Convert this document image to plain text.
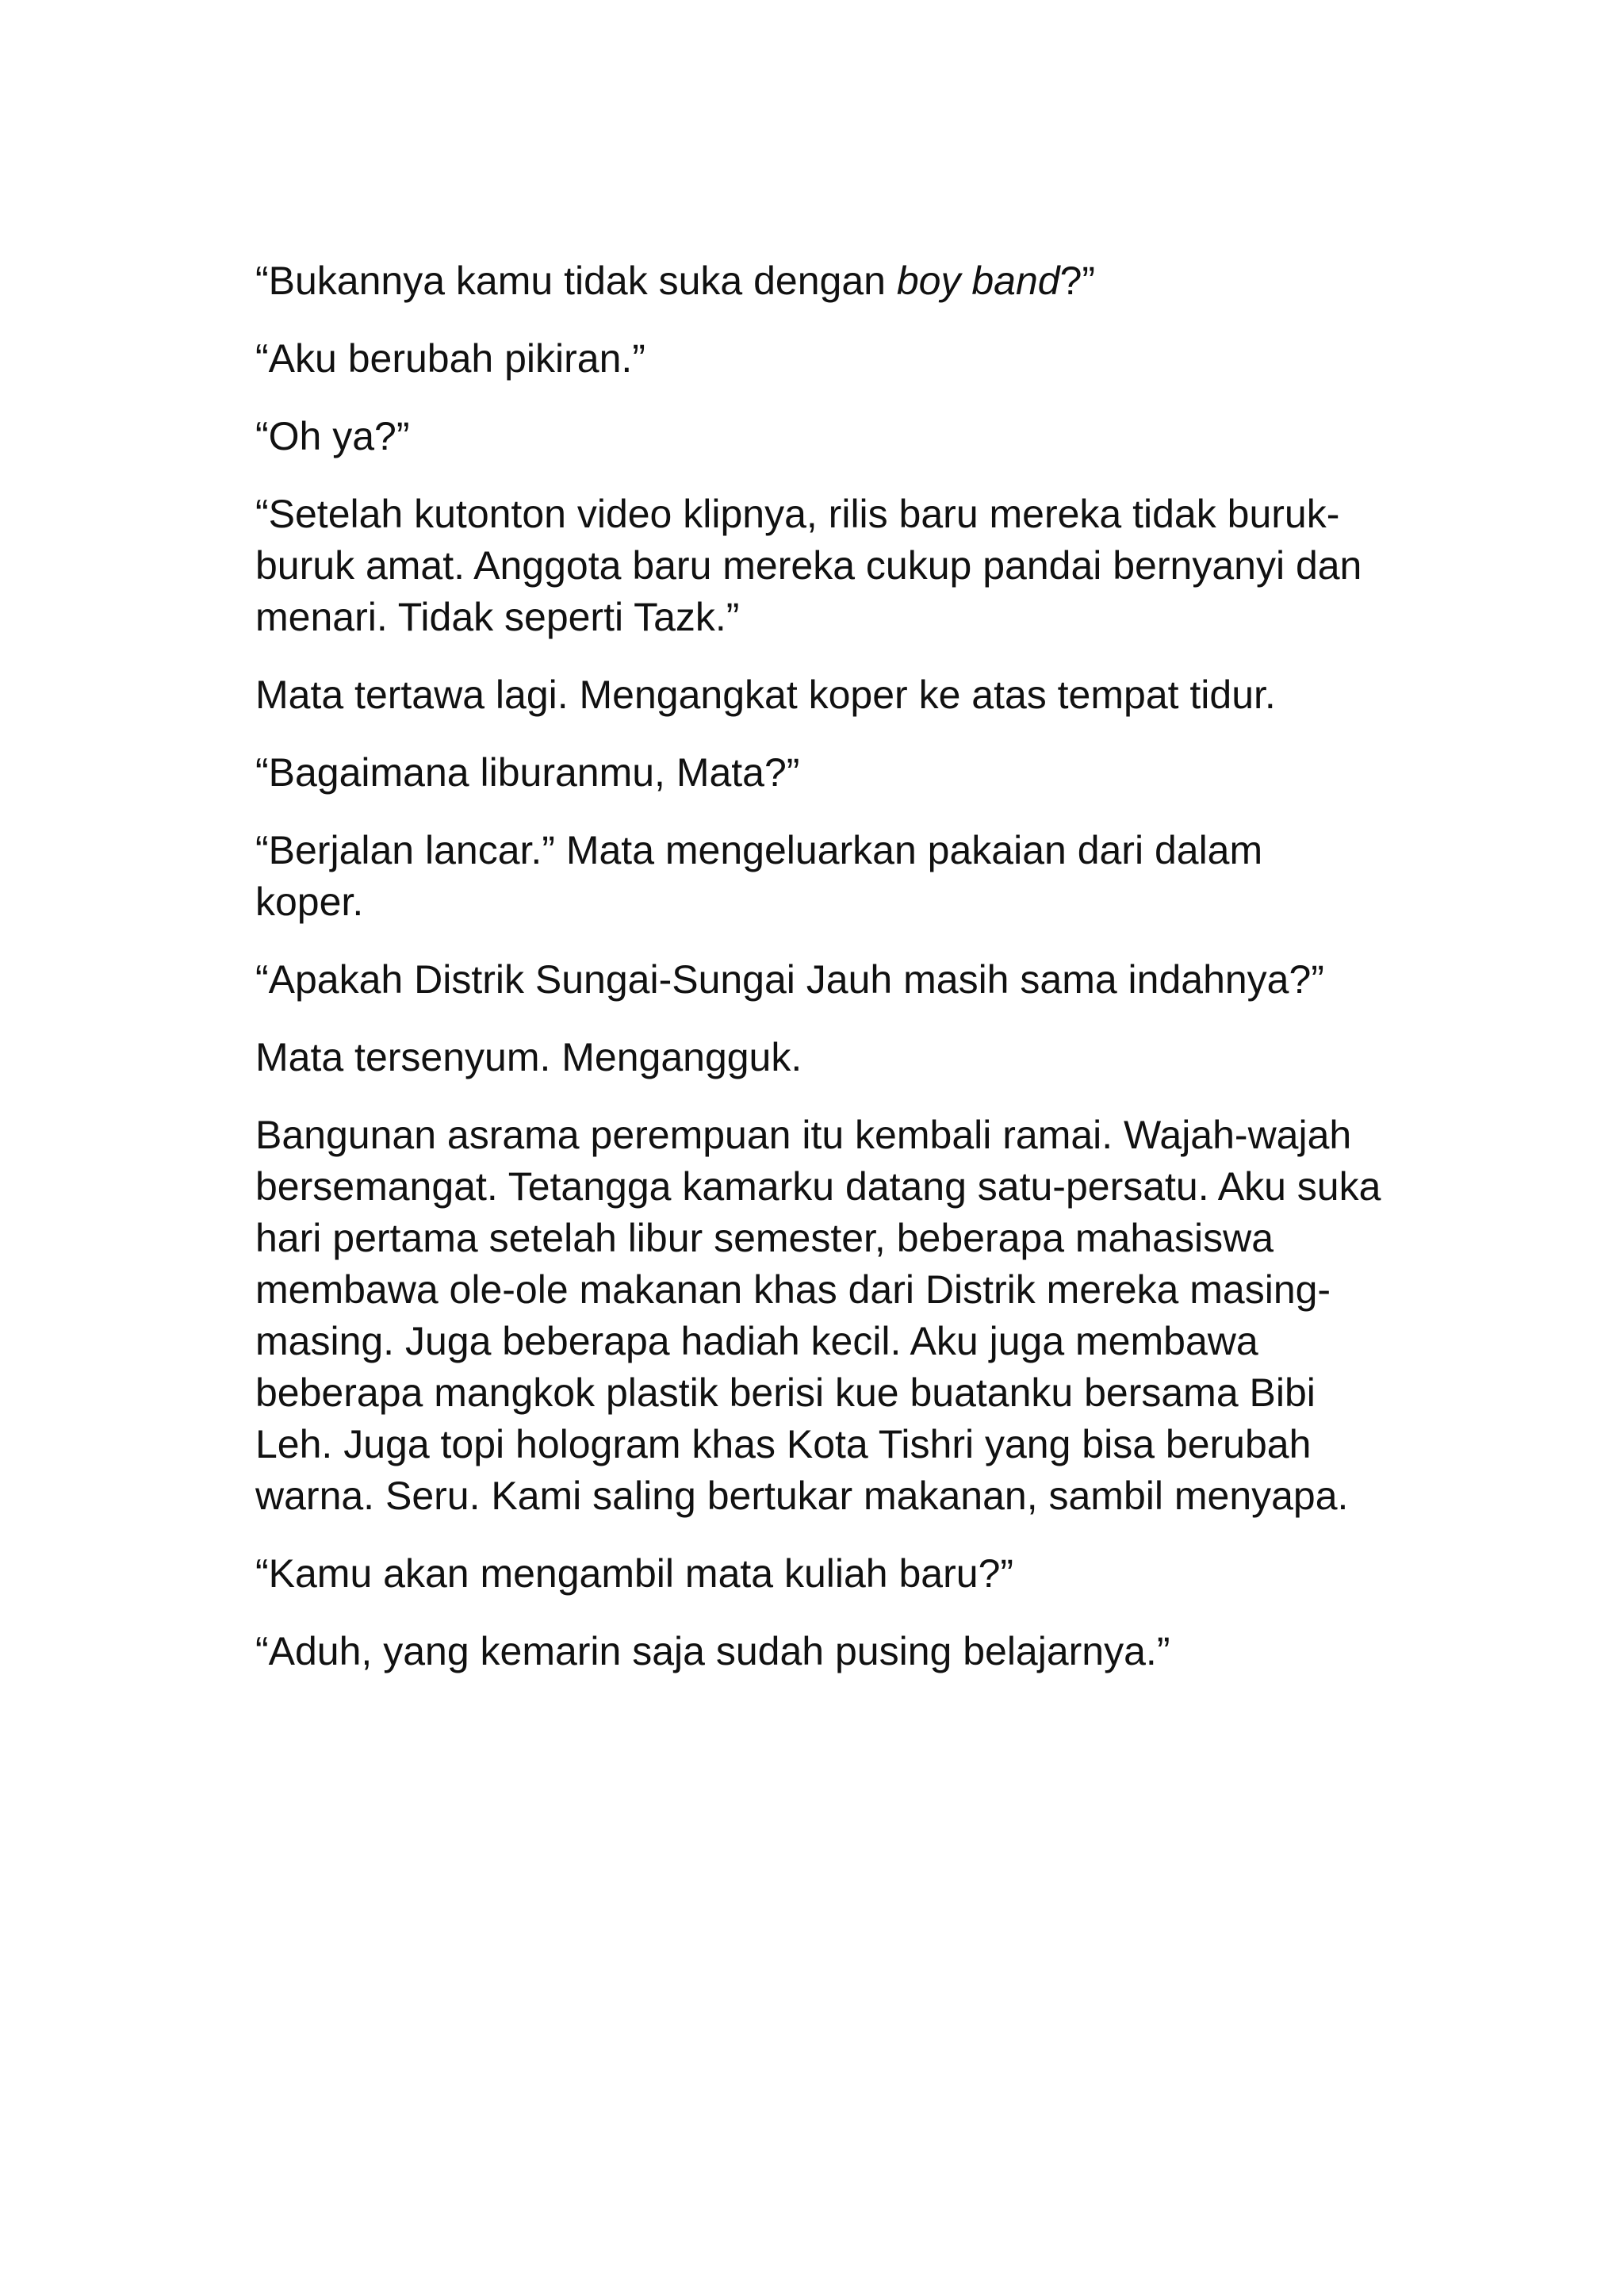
“Bukannya kamu tidak suka dengan boy band?”

“Aku berubah pikiran.”

“Oh ya?”

“Setelah kutonton video klipnya, rilis baru mereka tidak buruk-buruk amat. Anggota baru mereka cukup pandai bernyanyi dan menari. Tidak seperti Tazk.”

Mata tertawa lagi. Mengangkat koper ke atas tempat tidur.

“Bagaimana liburanmu, Mata?”

“Berjalan lancar.” Mata mengeluarkan pakaian dari dalam koper.

“Apakah Distrik Sungai-Sungai Jauh masih sama indahnya?”

Mata tersenyum. Mengangguk.

Bangunan asrama perempuan itu kembali ramai. Wajah-wajah bersemangat. Tetangga kamarku datang satu-persatu. Aku suka hari pertama setelah libur semester, beberapa mahasiswa membawa ole-ole makanan khas dari Distrik mereka masing-masing. Juga beberapa hadiah kecil. Aku juga membawa beberapa mangkok plastik berisi kue buatanku bersama Bibi Leh. Juga topi hologram khas Kota Tishri yang bisa berubah warna. Seru. Kami saling bertukar makanan, sambil menyapa.

“Kamu akan mengambil mata kuliah baru?”

“Aduh, yang kemarin saja sudah pusing belajarnya.”
